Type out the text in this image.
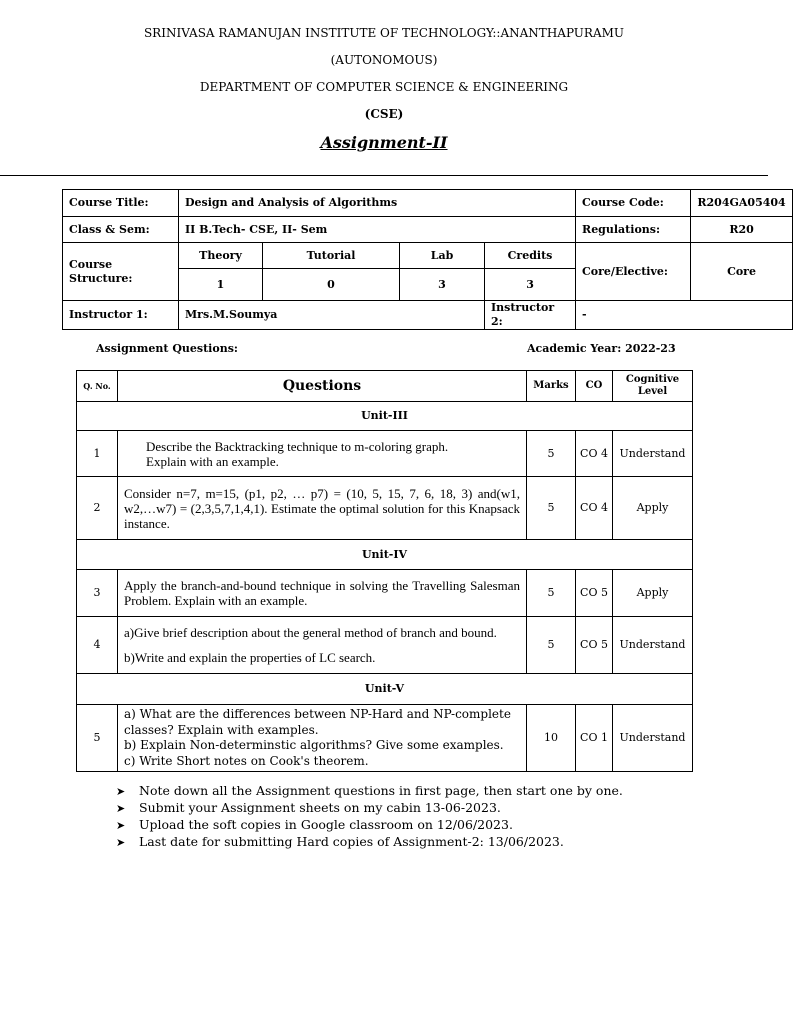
SRINIVASA RAMANUJAN INSTITUTE OF TECHNOLOGY::ANANTHAPURAMU
(AUTONOMOUS)
DEPARTMENT OF COMPUTER SCIENCE & ENGINEERING
(CSE)
Assignment-II
Course Title:	Design and Analysis of Algorithms				Course Code:	R204GA05404
Class & Sem:	II B.Tech- CSE, II- Sem				Regulations:	R20
Course Structure:	Theory	Tutorial	Lab	Credits	Core/Elective:	Core
	1	0	3	3		
Instructor 1:	Mrs.M.Soumya			Instructor 2:	-	
Assignment Questions:	Academic Year: 2022-23
Q. No.	Questions	Marks	CO	Cognitive Level
Unit-III				
1	Describe the Backtracking technique to m-coloring graph.
Explain with an example.	5	CO 4	Understand
2	Consider n=7, m=15, (p1, p2, … p7) = (10, 5, 15, 7, 6, 18, 3) and(w1, w2,…w7) = (2,3,5,7,1,4,1). Estimate the optimal solution for this Knapsack instance.	5	CO 4	Apply
Unit-IV				
3	Apply the branch-and-bound technique in solving the Travelling Salesman Problem. Explain with an example.	5	CO 5	Apply
4	a)Give brief description about the general method of branch and bound.
b)Write and explain the properties of LC search.	5	CO 5	Understand
Unit-V				
5	a) What are the differences between NP-Hard and NP-complete classes? Explain with examples.
b) Explain Non-determinstic algorithms? Give some examples.
c) Write Short notes on Cook's theorem.	10	CO 1	Understand
➤ Note down all the Assignment questions in first page, then start one by one.
➤ Submit your Assignment sheets on my cabin 13-06-2023.
➤ Upload the soft copies in Google classroom on 12/06/2023.
➤ Last date for submitting Hard copies of Assignment-2: 13/06/2023.
